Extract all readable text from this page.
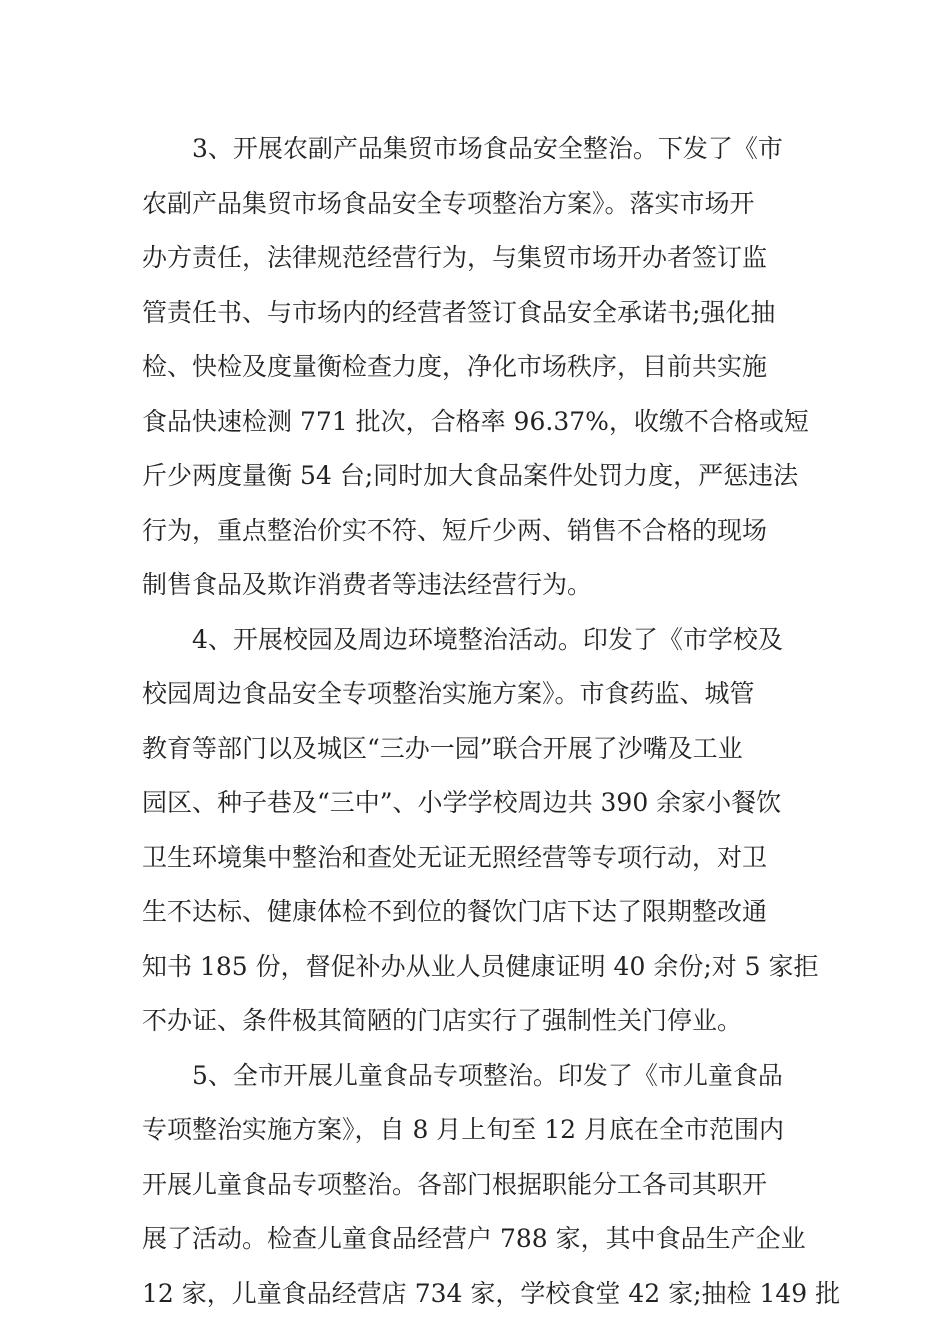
3、开展农副产品集贸市场食品安全整治。下发了《市
农副产品集贸市场食品安全专项整治方案》。落实市场开
办方责任，法律规范经营行为，与集贸市场开办者签订监
管责任书、与市场内的经营者签订食品安全承诺书;强化抽
检、快检及度量衡检查力度，净化市场秩序，目前共实施
食品快速检测 771 批次，合格率 96.37%，收缴不合格或短
斤少两度量衡 54 台;同时加大食品案件处罚力度，严惩违法
行为，重点整治价实不符、短斤少两、销售不合格的现场
制售食品及欺诈消费者等违法经营行为。
4、开展校园及周边环境整治活动。印发了《市学校及
校园周边食品安全专项整治实施方案》。市食药监、城管
教育等部门以及城区“三办一园”联合开展了沙嘴及工业
园区、种子巷及“三中”、小学学校周边共 390 余家小餐饮
卫生环境集中整治和查处无证无照经营等专项行动，对卫
生不达标、健康体检不到位的餐饮门店下达了限期整改通
知书 185 份，督促补办从业人员健康证明 40 余份;对 5 家拒
不办证、条件极其简陋的门店实行了强制性关门停业。
5、全市开展儿童食品专项整治。印发了《市儿童食品
专项整治实施方案》，自 8 月上旬至 12 月底在全市范围内
开展儿童食品专项整治。各部门根据职能分工各司其职开
展了活动。检查儿童食品经营户 788 家，其中食品生产企业
12 家，儿童食品经营店 734 家，学校食堂 42 家;抽检 149 批
